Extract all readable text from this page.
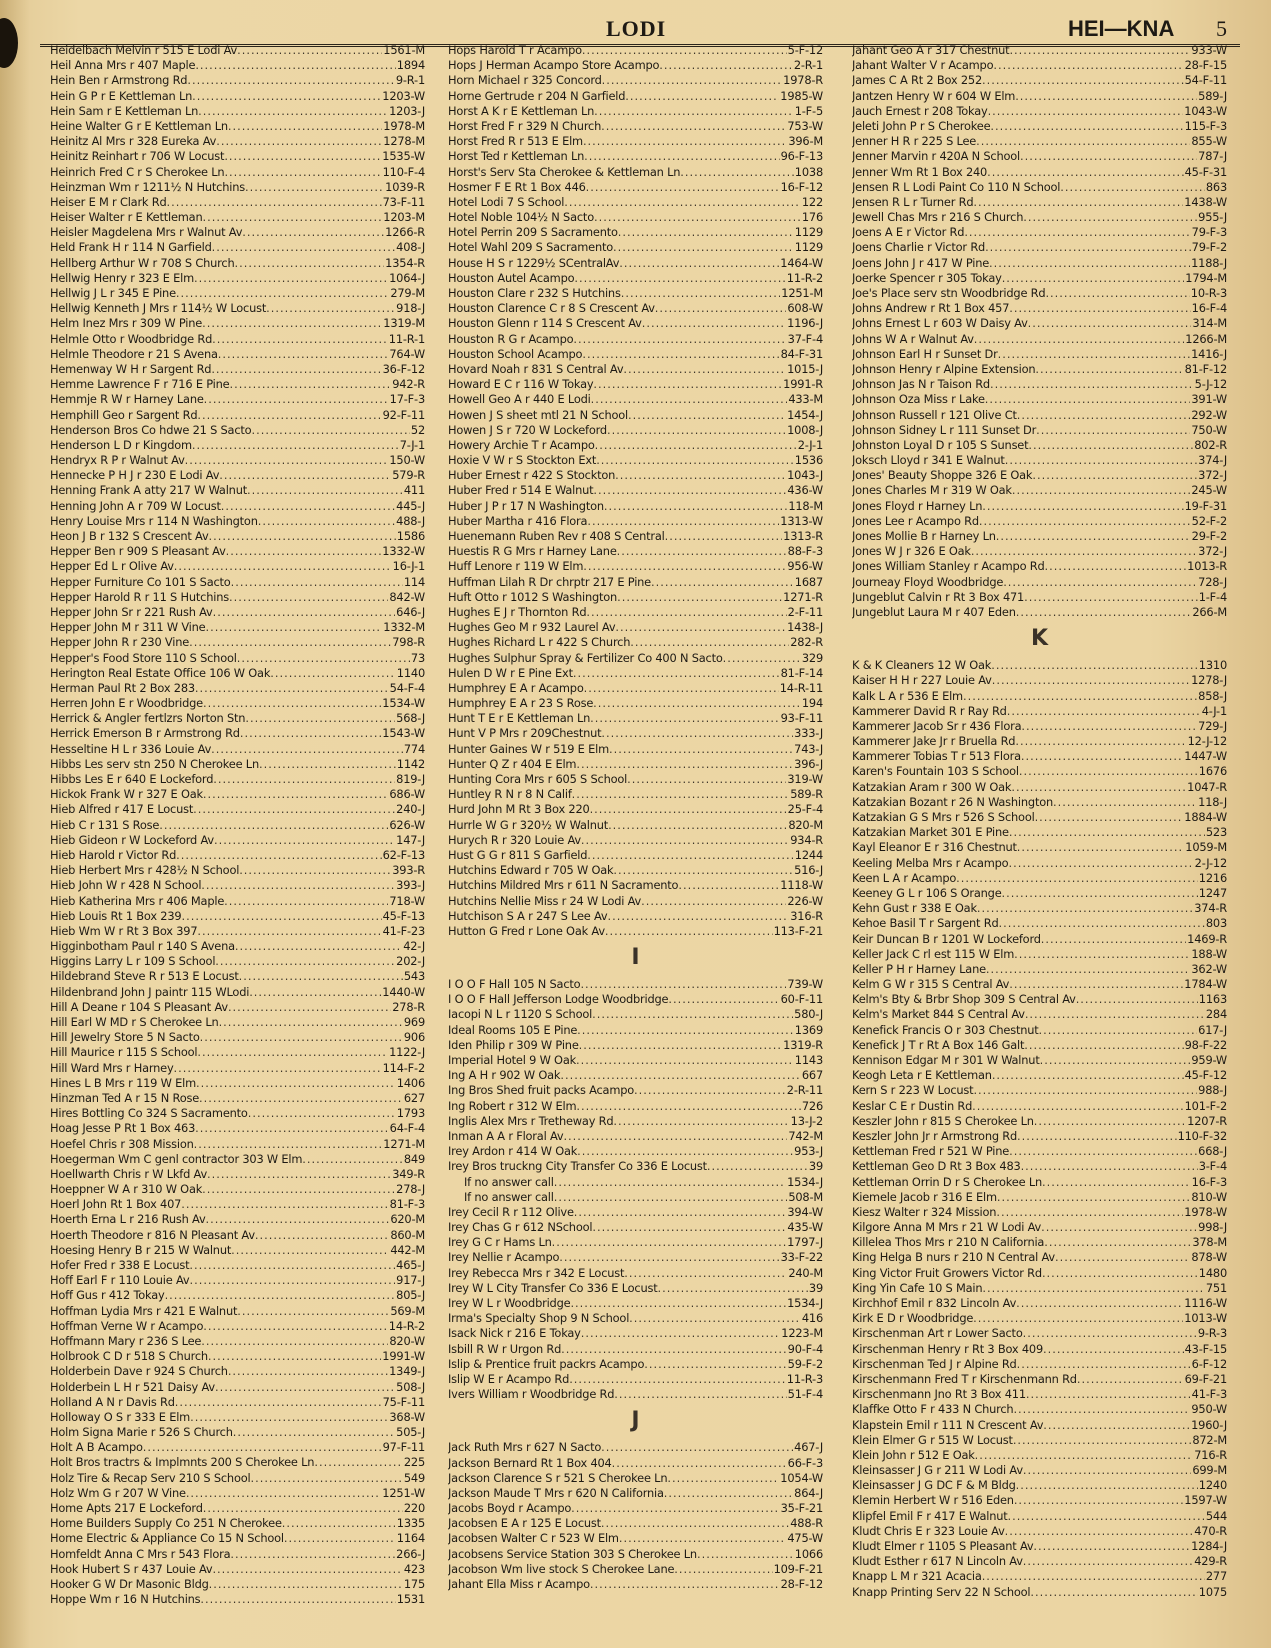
LODI	HEI—KNA 5
Heidelbach Melvin r 515 E Lodi Av .....	1561-M
Heil Anna Mrs r 407 Maple .....	1894
Hein Ben r Armstrong Rd .....	9-R-1
Hein G P r E Kettleman Ln .....	1203-W
Hein Sam r E Kettleman Ln .....	1203-J
Heine Walter G r E Kettleman Ln .....	1978-M
Heinitz Al Mrs r 328 Eureka Av .....	1278-M
Heinitz Reinhart r 706 W Locust .....	1535-W
Heinrich Fred C r S Cherokee Ln .....	110-F-4
Heinzman Wm r 1211½ N Hutchins .....	1039-R
Heiser E M r Clark Rd .....	73-F-11
Heiser Walter r E Kettleman .....	1203-M
Heisler Magdelena Mrs r Walnut Av .....	1266-R
Held Frank H r 114 N Garfield .....	408-J
Hellberg Arthur W r 708 S Church .....	1354-R
Hellwig Henry r 323 E Elm .....	1064-J
Hellwig J L r 345 E Pine .....	279-M
Hellwig Kenneth J Mrs r 114½ W Locust .....	918-J
Helm Inez Mrs r 309 W Pine .....	1319-M
Helmle Otto r Woodbridge Rd .....	11-R-1
Helmle Theodore r 21 S Avena .....	764-W
Hemenway W H r Sargent Rd .....	36-F-12
Hemme Lawrence F r 716 E Pine .....	942-R
Hemmje R W r Harney Lane .....	17-F-3
Hemphill Geo r Sargent Rd .....	92-F-11
Henderson Bros Co hdwe 21 S Sacto .....	52
Henderson L D r Kingdom .....	7-J-1
Hendryx R P r Walnut Av .....	150-W
Hennecke P H J r 230 E Lodi Av .....	579-R
Henning Frank A atty 217 W Walnut .....	411
Henning John A r 709 W Locust .....	445-J
Henry Louise Mrs r 114 N Washington .....	488-J
Heon J B r 132 S Crescent Av .....	1586
Hepper Ben r 909 S Pleasant Av .....	1332-W
Hepper Ed L r Olive Av .....	16-J-1
Hepper Furniture Co 101 S Sacto .....	114
Hepper Harold R r 11 S Hutchins .....	842-W
Hepper John Sr r 221 Rush Av .....	646-J
Hepper John M r 311 W Vine .....	1332-M
Hepper John R r 230 Vine .....	798-R
Hepper's Food Store 110 S School .....	73
Herington Real Estate Office 106 W Oak .....	1140
Herman Paul Rt 2 Box 283 .....	54-F-4
Herren John E r Woodbridge .....	1534-W
Herrick & Angler fertlzrs Norton Stn .....	568-J
Herrick Emerson B r Armstrong Rd .....	1543-W
Hesseltine H L r 336 Louie Av .....	774
Hibbs Les serv stn 250 N Cherokee Ln .....	1142
Hibbs Les E r 640 E Lockeford .....	819-J
Hickok Frank W r 327 E Oak .....	686-W
Hieb Alfred r 417 E Locust .....	240-J
Hieb C r 131 S Rose .....	626-W
Hieb Gideon r W Lockeford Av .....	147-J
Hieb Harold r Victor Rd .....	62-F-13
Hieb Herbert Mrs r 428½ N School .....	393-R
Hieb John W r 428 N School .....	393-J
Hieb Katherina Mrs r 406 Maple .....	718-W
Hieb Louis Rt 1 Box 239 .....	45-F-13
Hieb Wm W r Rt 3 Box 397 .....	41-F-23
Higginbotham Paul r 140 S Avena .....	42-J
Higgins Larry L r 109 S School .....	202-J
Hildebrand Steve R r 513 E Locust .....	543
Hildenbrand John J paintr 115 WLodi .....	1440-W
Hill A Deane r 104 S Pleasant Av .....	278-R
Hill Earl W MD r S Cherokee Ln .....	969
Hill Jewelry Store 5 N Sacto .....	906
Hill Maurice r 115 S School .....	1122-J
Hill Ward Mrs r Harney .....	114-F-2
Hines L B Mrs r 119 W Elm .....	1406
Hinzman Ted A r 15 N Rose .....	627
Hires Bottling Co 324 S Sacramento .....	1793
Hoag Jesse P Rt 1 Box 463 .....	64-F-4
Hoefel Chris r 308 Mission .....	1271-M
Hoegerman Wm C genl contractor 303 W Elm .....	849
Hoellwarth Chris r W Lkfd Av .....	349-R
Hoeppner W A r 310 W Oak .....	278-J
Hoerl John Rt 1 Box 407 .....	81-F-3
Hoerth Erna L r 216 Rush Av .....	620-M
Hoerth Theodore r 816 N Pleasant Av .....	860-M
Hoesing Henry B r 215 W Walnut .....	442-M
Hofer Fred r 338 E Locust .....	465-J
Hoff Earl F r 110 Louie Av .....	917-J
Hoff Gus r 412 Tokay .....	805-J
Hoffman Lydia Mrs r 421 E Walnut .....	569-M
Hoffman Verne W r Acampo .....	14-R-2
Hoffmann Mary r 236 S Lee .....	820-W
Holbrook C D r 518 S Church .....	1991-W
Holderbein Dave r 924 S Church .....	1349-J
Holderbein L H r 521 Daisy Av .....	508-J
Holland A N r Davis Rd .....	75-F-11
Holloway O S r 333 E Elm .....	368-W
Holm Signa Marie r 526 S Church .....	505-J
Holt A B Acampo .....	97-F-11
Holt Bros tractrs & Implmnts 200 S Cherokee Ln .....	225
Holz Tire & Recap Serv 210 S School .....	549
Holz Wm G r 207 W Vine .....	1251-W
Home Apts 217 E Lockeford .....	220
Home Builders Supply Co 251 N Cherokee .....	1335
Home Electric & Appliance Co 15 N School .....	1164
Homfeldt Anna C Mrs r 543 Flora .....	266-J
Hook Hubert S r 437 Louie Av .....	423
Hooker G W Dr Masonic Bldg .....	175
Hoppe Wm r 16 N Hutchins .....	1531
Hops Harold T r Acampo .....	5-F-12
Hops J Herman Acampo Store Acampo .....	2-R-1
Horn Michael r 325 Concord .....	1978-R
Horne Gertrude r 204 N Garfield .....	1985-W
Horst A K r E Kettleman Ln .....	1-F-5
Horst Fred F r 329 N Church .....	753-W
Horst Fred R r 513 E Elm .....	396-M
Horst Ted r Kettleman Ln .....	96-F-13
Horst's Serv Sta Cherokee & Kettleman Ln .....	1038
Hosmer F E Rt 1 Box 446 .....	16-F-12
Hotel Lodi 7 S School .....	122
Hotel Noble 104½ N Sacto .....	176
Hotel Perrin 209 S Sacramento .....	1129
Hotel Wahl 209 S Sacramento .....	1129
House H S r 1229½ SCentralAv .....	1464-W
Houston Autel Acampo .....	11-R-2
Houston Clare r 232 S Hutchins .....	1251-M
Houston Clarence C r 8 S Crescent Av .....	608-W
Houston Glenn r 114 S Crescent Av .....	1196-J
Houston R G r Acampo .....	37-F-4
Houston School Acampo .....	84-F-31
Hovard Noah r 831 S Central Av .....	1015-J
Howard E C r 116 W Tokay .....	1991-R
Howell Geo A r 440 E Lodi .....	433-M
Howen J S sheet mtl 21 N School .....	1454-J
Howen J S r 720 W Lockeford .....	1008-J
Howery Archie T r Acampo .....	2-J-1
Hoxie V W r S Stockton Ext .....	1536
Huber Ernest r 422 S Stockton .....	1043-J
Huber Fred r 514 E Walnut .....	436-W
Huber J P r 17 N Washington .....	118-M
Huber Martha r 416 Flora .....	1313-W
Huenemann Ruben Rev r 408 S Central .....	1313-R
Huestis R G Mrs r Harney Lane .....	88-F-3
Huff Lenore r 119 W Elm .....	956-W
Huffman Lilah R Dr chrptr 217 E Pine .....	1687
Huft Otto r 1012 S Washington .....	1271-R
Hughes E J r Thornton Rd .....	2-F-11
Hughes Geo M r 932 Laurel Av .....	1438-J
Hughes Richard L r 422 S Church .....	282-R
Hughes Sulphur Spray & Fertilizer Co 400 N Sacto .....	329
Hulen D W r E Pine Ext .....	81-F-14
Humphrey E A r Acampo .....	14-R-11
Humphrey E A r 23 S Rose .....	194
Hunt T E r E Kettleman Ln .....	93-F-11
Hunt V P Mrs r 209Chestnut .....	333-J
Hunter Gaines W r 519 E Elm .....	743-J
Hunter Q Z r 404 E Elm .....	396-J
Hunting Cora Mrs r 605 S School .....	319-W
Huntley R N r 8 N Calif .....	589-R
Hurd John M Rt 3 Box 220 .....	25-F-4
Hurrle W G r 320½ W Walnut .....	820-M
Hurych R r 320 Louie Av .....	934-R
Hust G G r 811 S Garfield .....	1244
Hutchins Edward r 705 W Oak .....	516-J
Hutchins Mildred Mrs r 611 N Sacramento .....	1118-W
Hutchins Nellie Miss r 24 W Lodi Av .....	226-W
Hutchison S A r 247 S Lee Av .....	316-R
Hutton G Fred r Lone Oak Av .....	113-F-21
I
I O O F Hall 105 N Sacto .....	739-W
I O O F Hall Jefferson Lodge Woodbridge .....	60-F-11
Iacopi N L r 1120 S School .....	580-J
Ideal Rooms 105 E Pine .....	1369
Iden Philip r 309 W Pine .....	1319-R
Imperial Hotel 9 W Oak .....	1143
Ing A H r 902 W Oak .....	667
Ing Bros Shed fruit packs Acampo .....	2-R-11
Ing Robert r 312 W Elm .....	726
Inglis Alex Mrs r Tretheway Rd .....	13-J-2
Inman A A r Floral Av .....	742-M
Irey Ardon r 414 W Oak .....	953-J
Irey Bros truckng City Transfer Co 336 E Locust .....	39
If no answer call .....	1534-J
If no answer call .....	508-M
Irey Cecil R r 112 Olive .....	394-W
Irey Chas G r 612 NSchool .....	435-W
Irey G C r Hams Ln .....	1797-J
Irey Nellie r Acampo .....	33-F-22
Irey Rebecca Mrs r 342 E Locust .....	240-M
Irey W L City Transfer Co 336 E Locust .....	39
Irey W L r Woodbridge .....	1534-J
Irma's Specialty Shop 9 N School .....	416
Isack Nick r 216 E Tokay .....	1223-M
Isbill R W r Urgon Rd .....	90-F-4
Islip & Prentice fruit packrs Acampo .....	59-F-2
Islip W E r Acampo Rd .....	11-R-3
Ivers William r Woodbridge Rd .....	51-F-4
J
Jack Ruth Mrs r 627 N Sacto .....	467-J
Jackson Bernard Rt 1 Box 404 .....	66-F-3
Jackson Clarence S r 521 S Cherokee Ln .....	1054-W
Jackson Maude T Mrs r 620 N California .....	864-J
Jacobs Boyd r Acampo .....	35-F-21
Jacobsen E A r 125 E Locust .....	488-R
Jacobsen Walter C r 523 W Elm .....	475-W
Jacobsens Service Station 303 S Cherokee Ln .....	1066
Jacobson Wm live stock S Cherokee Lane .....	109-F-21
Jahant Ella Miss r Acampo .....	28-F-12
Jahant Geo A r 317 Chestnut .....	933-W
Jahant Walter V r Acampo .....	28-F-15
James C A Rt 2 Box 252 .....	54-F-11
Jantzen Henry W r 604 W Elm .....	589-J
Jauch Ernest r 208 Tokay .....	1043-W
Jeleti John P r S Cherokee .....	115-F-3
Jenner H R r 225 S Lee .....	855-W
Jenner Marvin r 420A N School .....	787-J
Jenner Wm Rt 1 Box 240 .....	45-F-31
Jensen R L Lodi Paint Co 110 N School .....	863
Jensen R L r Turner Rd .....	1438-W
Jewell Chas Mrs r 216 S Church .....	955-J
Joens A E r Victor Rd .....	79-F-3
Joens Charlie r Victor Rd .....	79-F-2
Joens John J r 417 W Pine .....	1188-J
Joerke Spencer r 305 Tokay .....	1794-M
Joe's Place serv stn Woodbridge Rd .....	10-R-3
Johns Andrew r Rt 1 Box 457 .....	16-F-4
Johns Ernest L r 603 W Daisy Av .....	314-M
Johns W A r Walnut Av .....	1266-M
Johnson Earl H r Sunset Dr .....	1416-J
Johnson Henry r Alpine Extension .....	81-F-12
Johnson Jas N r Taison Rd .....	5-J-12
Johnson Oza Miss r Lake .....	391-W
Johnson Russell r 121 Olive Ct .....	292-W
Johnson Sidney L r 111 Sunset Dr .....	750-W
Johnston Loyal D r 105 S Sunset .....	802-R
Joksch Lloyd r 341 E Walnut .....	374-J
Jones' Beauty Shoppe 326 E Oak .....	372-J
Jones Charles M r 319 W Oak .....	245-W
Jones Floyd r Harney Ln .....	19-F-31
Jones Lee r Acampo Rd .....	52-F-2
Jones Mollie B r Harney Ln .....	29-F-2
Jones W J r 326 E Oak .....	372-J
Jones William Stanley r Acampo Rd .....	1013-R
Journeay Floyd Woodbridge .....	728-J
Jungeblut Calvin r Rt 3 Box 471 .....	1-F-4
Jungeblut Laura M r 407 Eden .....	266-M
K
K & K Cleaners 12 W Oak .....	1310
Kaiser H H r 227 Louie Av .....	1278-J
Kalk L A r 536 E Elm .....	858-J
Kammerer David R r Ray Rd .....	4-J-1
Kammerer Jacob Sr r 436 Flora .....	729-J
Kammerer Jake Jr r Bruella Rd .....	12-J-12
Kammerer Tobias T r 513 Flora .....	1447-W
Karen's Fountain 103 S School .....	1676
Katzakian Aram r 300 W Oak .....	1047-R
Katzakian Bozant r 26 N Washington .....	118-J
Katzakian G S Mrs r 526 S School .....	1884-W
Katzakian Market 301 E Pine .....	523
Kayl Eleanor E r 316 Chestnut .....	1059-M
Keeling Melba Mrs r Acampo .....	2-J-12
Keen L A r Acampo .....	1216
Keeney G L r 106 S Orange .....	1247
Kehn Gust r 338 E Oak .....	374-R
Kehoe Basil T r Sargent Rd .....	803
Keir Duncan B r 1201 W Lockeford .....	1469-R
Keller Jack C rl est 115 W Elm .....	188-W
Keller P H r Harney Lane .....	362-W
Kelm G W r 315 S Central Av .....	1784-W
Kelm's Bty & Brbr Shop 309 S Central Av .....	1163
Kelm's Market 844 S Central Av .....	284
Kenefick Francis O r 303 Chestnut .....	617-J
Kenefick J T r Rt A Box 146 Galt .....	98-F-22
Kennison Edgar M r 301 W Walnut .....	959-W
Keogh Leta r E Kettleman .....	45-F-12
Kern S r 223 W Locust .....	988-J
Keslar C E r Dustin Rd .....	101-F-2
Keszler John r 815 S Cherokee Ln .....	1207-R
Keszler John Jr r Armstrong Rd .....	110-F-32
Kettleman Fred r 521 W Pine .....	668-J
Kettleman Geo D Rt 3 Box 483 .....	3-F-4
Kettleman Orrin D r S Cherokee Ln .....	16-F-3
Kiemele Jacob r 316 E Elm .....	810-W
Kiesz Walter r 324 Mission .....	1978-W
Kilgore Anna M Mrs r 21 W Lodi Av .....	998-J
Killelea Thos Mrs r 210 N California .....	378-M
King Helga B nurs r 210 N Central Av .....	878-W
King Victor Fruit Growers Victor Rd .....	1480
King Yin Cafe 10 S Main .....	751
Kirchhof Emil r 832 Lincoln Av .....	1116-W
Kirk E D r Woodbridge .....	1013-W
Kirschenman Art r Lower Sacto .....	9-R-3
Kirschenman Henry r Rt 3 Box 409 .....	43-F-15
Kirschenman Ted J r Alpine Rd .....	6-F-12
Kirschenmann Fred T r Kirschenmann Rd .....	69-F-21
Kirschenmann Jno Rt 3 Box 411 .....	41-F-3
Klaffke Otto F r 433 N Church .....	950-W
Klapstein Emil r 111 N Crescent Av .....	1960-J
Klein Elmer G r 515 W Locust .....	872-M
Klein John r 512 E Oak .....	716-R
Kleinsasser J G r 211 W Lodi Av .....	699-M
Kleinsasser J G DC F & M Bldg .....	1240
Klemin Herbert W r 516 Eden .....	1597-W
Klipfel Emil F r 417 E Walnut .....	544
Kludt Chris E r 323 Louie Av .....	470-R
Kludt Elmer r 1105 S Pleasant Av .....	1284-J
Kludt Esther r 617 N Lincoln Av .....	429-R
Knapp L M r 321 Acacia .....	277
Knapp Printing Serv 22 N School .....	1075
